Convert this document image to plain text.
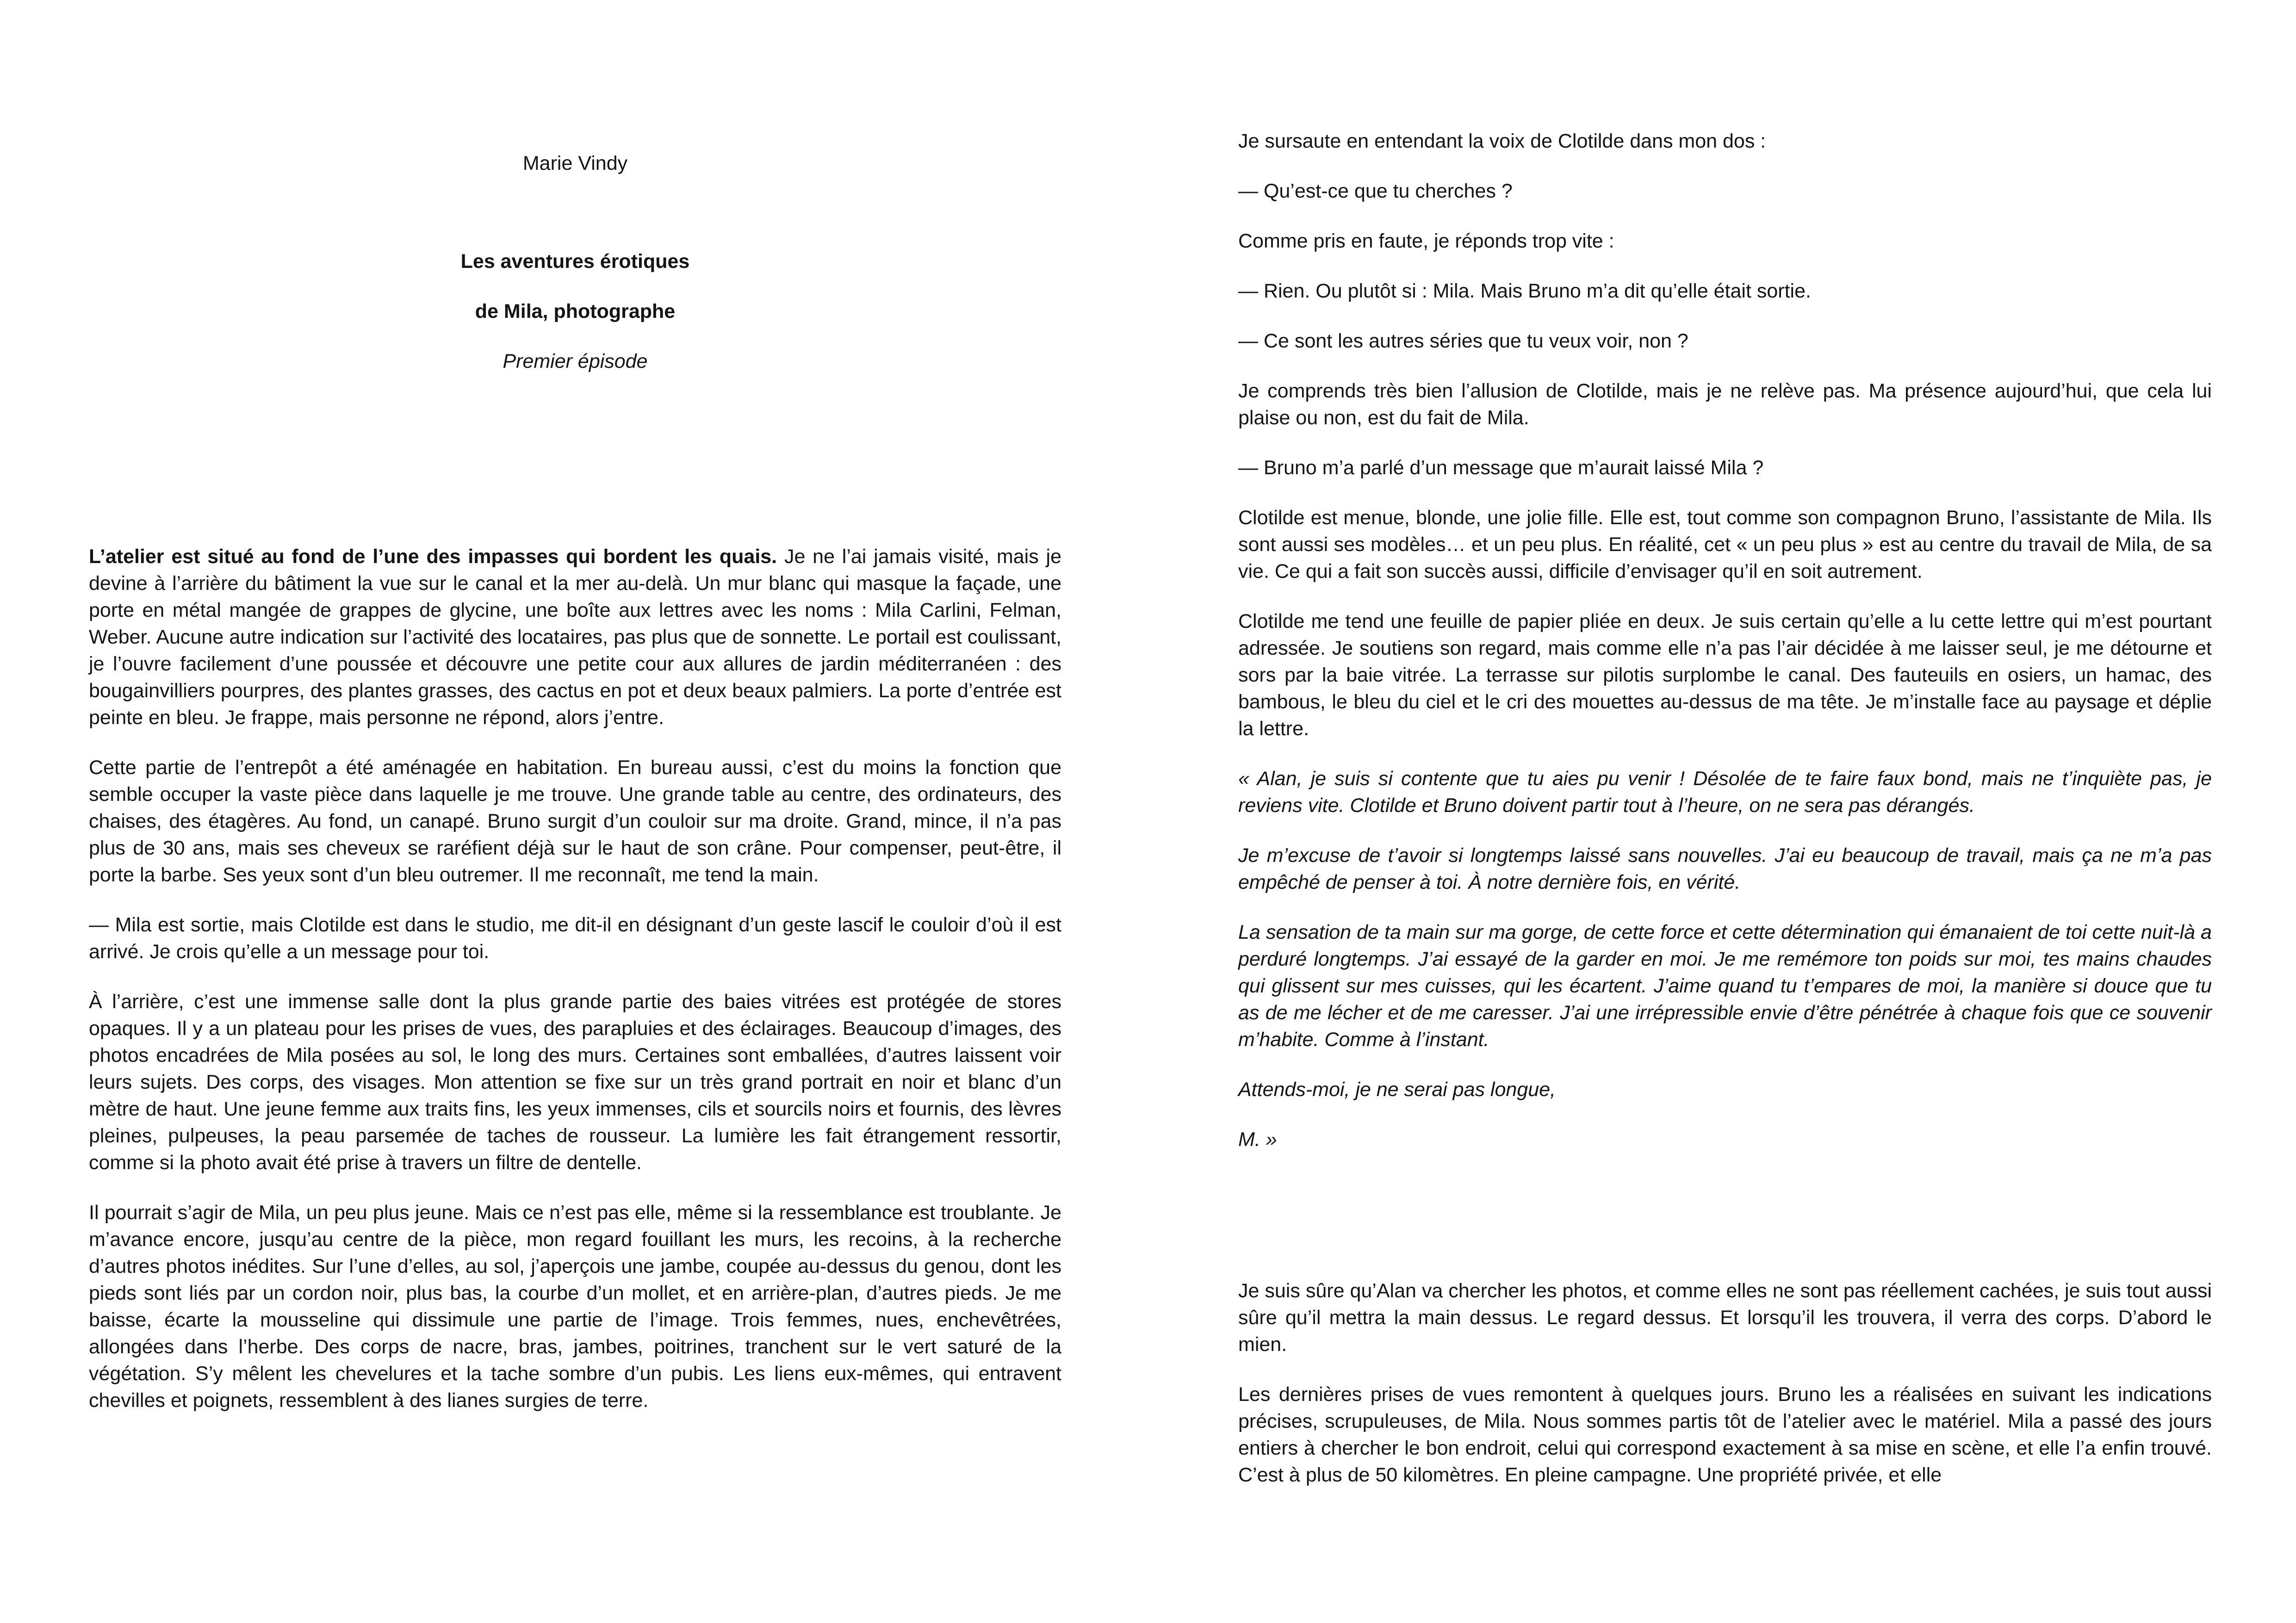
Marie Vindy
Les aventures érotiques
de Mila, photographe
Premier épisode

L’atelier est situé au fond de l’une des impasses qui bordent les quais. Je ne l’ai jamais visité, mais je devine à l’arrière du bâtiment la vue sur le canal et la mer au-delà. Un mur blanc qui masque la façade, une porte en métal mangée de grappes de glycine, une boîte aux lettres avec les noms : Mila Carlini, Felman, Weber. Aucune autre indication sur l’activité des locataires, pas plus que de sonnette. Le portail est coulissant, je l’ouvre facilement d’une poussée et découvre une petite cour aux allures de jardin méditerranéen : des bougainvilliers pourpres, des plantes grasses, des cactus en pot et deux beaux palmiers. La porte d’entrée est peinte en bleu. Je frappe, mais personne ne répond, alors j’entre.

Cette partie de l’entrepôt a été aménagée en habitation. En bureau aussi, c’est du moins la fonction que semble occuper la vaste pièce dans laquelle je me trouve. Une grande table au centre, des ordinateurs, des chaises, des étagères. Au fond, un canapé. Bruno surgit d’un couloir sur ma droite. Grand, mince, il n’a pas plus de 30 ans, mais ses cheveux se raréfient déjà sur le haut de son crâne. Pour compenser, peut-être, il porte la barbe. Ses yeux sont d’un bleu outremer. Il me reconnaît, me tend la main.

— Mila est sortie, mais Clotilde est dans le studio, me dit-il en désignant d’un geste lascif le couloir d’où il est arrivé. Je crois qu’elle a un message pour toi.

À l’arrière, c’est une immense salle dont la plus grande partie des baies vitrées est protégée de stores opaques. Il y a un plateau pour les prises de vues, des parapluies et des éclairages. Beaucoup d’images, des photos encadrées de Mila posées au sol, le long des murs. Certaines sont emballées, d’autres laissent voir leurs sujets. Des corps, des visages. Mon attention se fixe sur un très grand portrait en noir et blanc d’un mètre de haut. Une jeune femme aux traits fins, les yeux immenses, cils et sourcils noirs et fournis, des lèvres pleines, pulpeuses, la peau parsemée de taches de rousseur. La lumière les fait étrangement ressortir, comme si la photo avait été prise à travers un filtre de dentelle.

Il pourrait s’agir de Mila, un peu plus jeune. Mais ce n’est pas elle, même si la ressemblance est troublante. Je m’avance encore, jusqu’au centre de la pièce, mon regard fouillant les murs, les recoins, à la recherche d’autres photos inédites. Sur l’une d’elles, au sol, j’aperçois une jambe, coupée au-dessus du genou, dont les pieds sont liés par un cordon noir, plus bas, la courbe d’un mollet, et en arrière-plan, d’autres pieds. Je me baisse, écarte la mousseline qui dissimule une partie de l’image. Trois femmes, nues, enchevêtrées, allongées dans l’herbe. Des corps de nacre, bras, jambes, poitrines, tranchent sur le vert saturé de la végétation. S’y mêlent les chevelures et la tache sombre d’un pubis. Les liens eux-mêmes, qui entravent chevilles et poignets, ressemblent à des lianes surgies de terre.

Je sursaute en entendant la voix de Clotilde dans mon dos :

— Qu’est-ce que tu cherches ?

Comme pris en faute, je réponds trop vite :

— Rien. Ou plutôt si : Mila. Mais Bruno m’a dit qu’elle était sortie.

— Ce sont les autres séries que tu veux voir, non ?

Je comprends très bien l’allusion de Clotilde, mais je ne relève pas. Ma présence aujourd’hui, que cela lui plaise ou non, est du fait de Mila.

— Bruno m’a parlé d’un message que m’aurait laissé Mila ?

Clotilde est menue, blonde, une jolie fille. Elle est, tout comme son compagnon Bruno, l’assistante de Mila. Ils sont aussi ses modèles… et un peu plus. En réalité, cet « un peu plus » est au centre du travail de Mila, de sa vie. Ce qui a fait son succès aussi, difficile d’envisager qu’il en soit autrement.

Clotilde me tend une feuille de papier pliée en deux. Je suis certain qu’elle a lu cette lettre qui m’est pourtant adressée. Je soutiens son regard, mais comme elle n’a pas l’air décidée à me laisser seul, je me détourne et sors par la baie vitrée. La terrasse sur pilotis surplombe le canal. Des fauteuils en osiers, un hamac, des bambous, le bleu du ciel et le cri des mouettes au-dessus de ma tête. Je m’installe face au paysage et déplie la lettre.

« Alan, je suis si contente que tu aies pu venir ! Désolée de te faire faux bond, mais ne t’inquiète pas, je reviens vite. Clotilde et Bruno doivent partir tout à l’heure, on ne sera pas dérangés.

Je m’excuse de t’avoir si longtemps laissé sans nouvelles. J’ai eu beaucoup de travail, mais ça ne m’a pas empêché de penser à toi. À notre dernière fois, en vérité.

La sensation de ta main sur ma gorge, de cette force et cette détermination qui émanaient de toi cette nuit-là a perduré longtemps. J’ai essayé de la garder en moi. Je me remémore ton poids sur moi, tes mains chaudes qui glissent sur mes cuisses, qui les écartent. J’aime quand tu t’empares de moi, la manière si douce que tu as de me lécher et de me caresser. J’ai une irrépressible envie d’être pénétrée à chaque fois que ce souvenir m’habite. Comme à l’instant.

Attends-moi, je ne serai pas longue,

M. »

Je suis sûre qu’Alan va chercher les photos, et comme elles ne sont pas réellement cachées, je suis tout aussi sûre qu’il mettra la main dessus. Le regard dessus. Et lorsqu’il les trouvera, il verra des corps. D’abord le mien.

Les dernières prises de vues remontent à quelques jours. Bruno les a réalisées en suivant les indications précises, scrupuleuses, de Mila. Nous sommes partis tôt de l’atelier avec le matériel. Mila a passé des jours entiers à chercher le bon endroit, celui qui correspond exactement à sa mise en scène, et elle l’a enfin trouvé. C’est à plus de 50 kilomètres. En pleine campagne. Une propriété privée, et elle
